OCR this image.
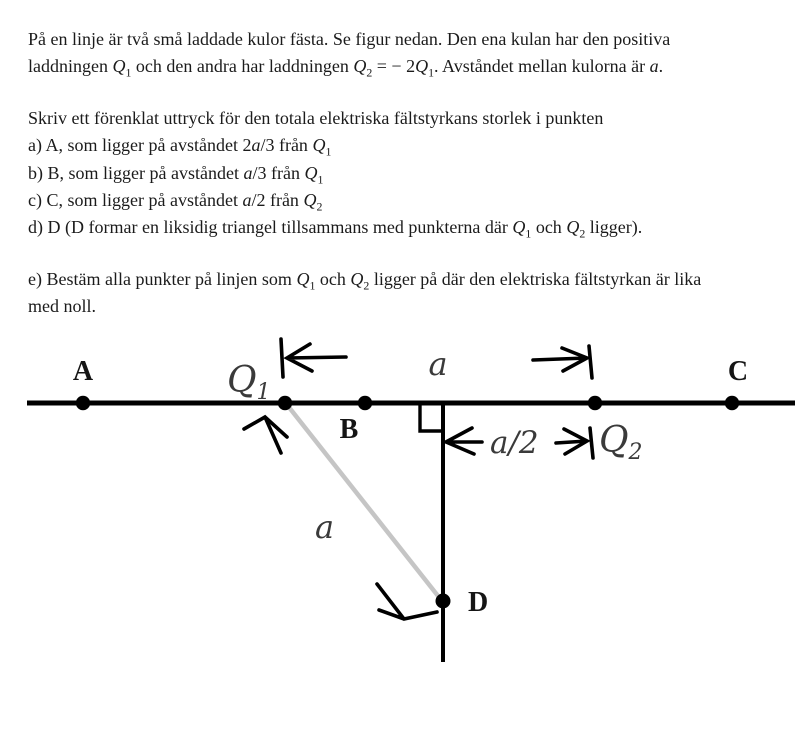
På en linje är två små laddade kulor fästa. Se figur nedan. Den ena kulan har den positiva
laddningen $Q_1$ och den andra har laddningen $Q_2$ = − $2Q_1$. Avståndet mellan kulorna är a.

Skriv ett förenklat uttryck för den totala elektriska fältstyrkans storlek i punkten
a) A, som ligger på avståndet 2a/3 från $Q_1$
b) B, som ligger på avståndet a/3 från $Q_1$
c) C, som ligger på avståndet a/2 från $Q_2$
d) D (D formar en liksidig triangel tillsammans med punkterna där $Q_1$ och $Q_2$ ligger).

e) Bestäm alla punkter på linjen som $Q_1$ och $Q_2$ ligger på där den elektriska fältstyrkan är lika
med noll.

A	C
B
D
Q1
Q2
a
a/2
a
